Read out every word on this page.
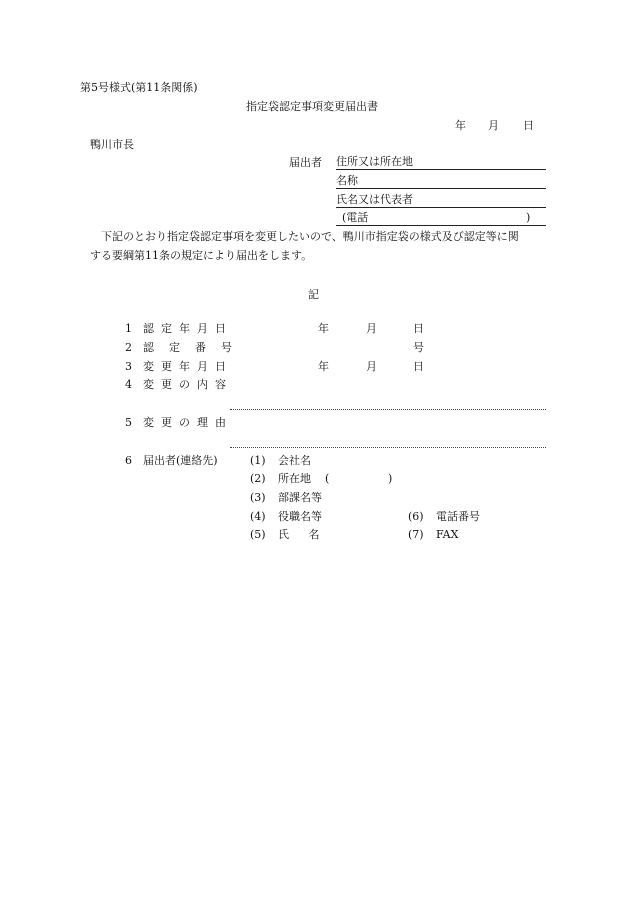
第5号様式(第11条関係)
指定袋認定事項変更届出書
年 月 日
鴨川市長
届出者 住所又は所在地
名称
氏名又は代表者
(電話	)
下記のとおり指定袋認定事項を変更したいので、鴨川市指定袋の様式及び認定等に関
する要綱第11条の規定により届出をします。
記
1 認定年月日	年	月	日
2 認定番号	号
3 変更年月日	年	月	日
4 変更の内容
5 変更の理由
6 届出者(連絡先)	(1) 会社名
(2) 所在地 (	)
(3) 部課名等
(4) 役職名等	(6) 電話番号
(5) 氏 名	(7) FAX
